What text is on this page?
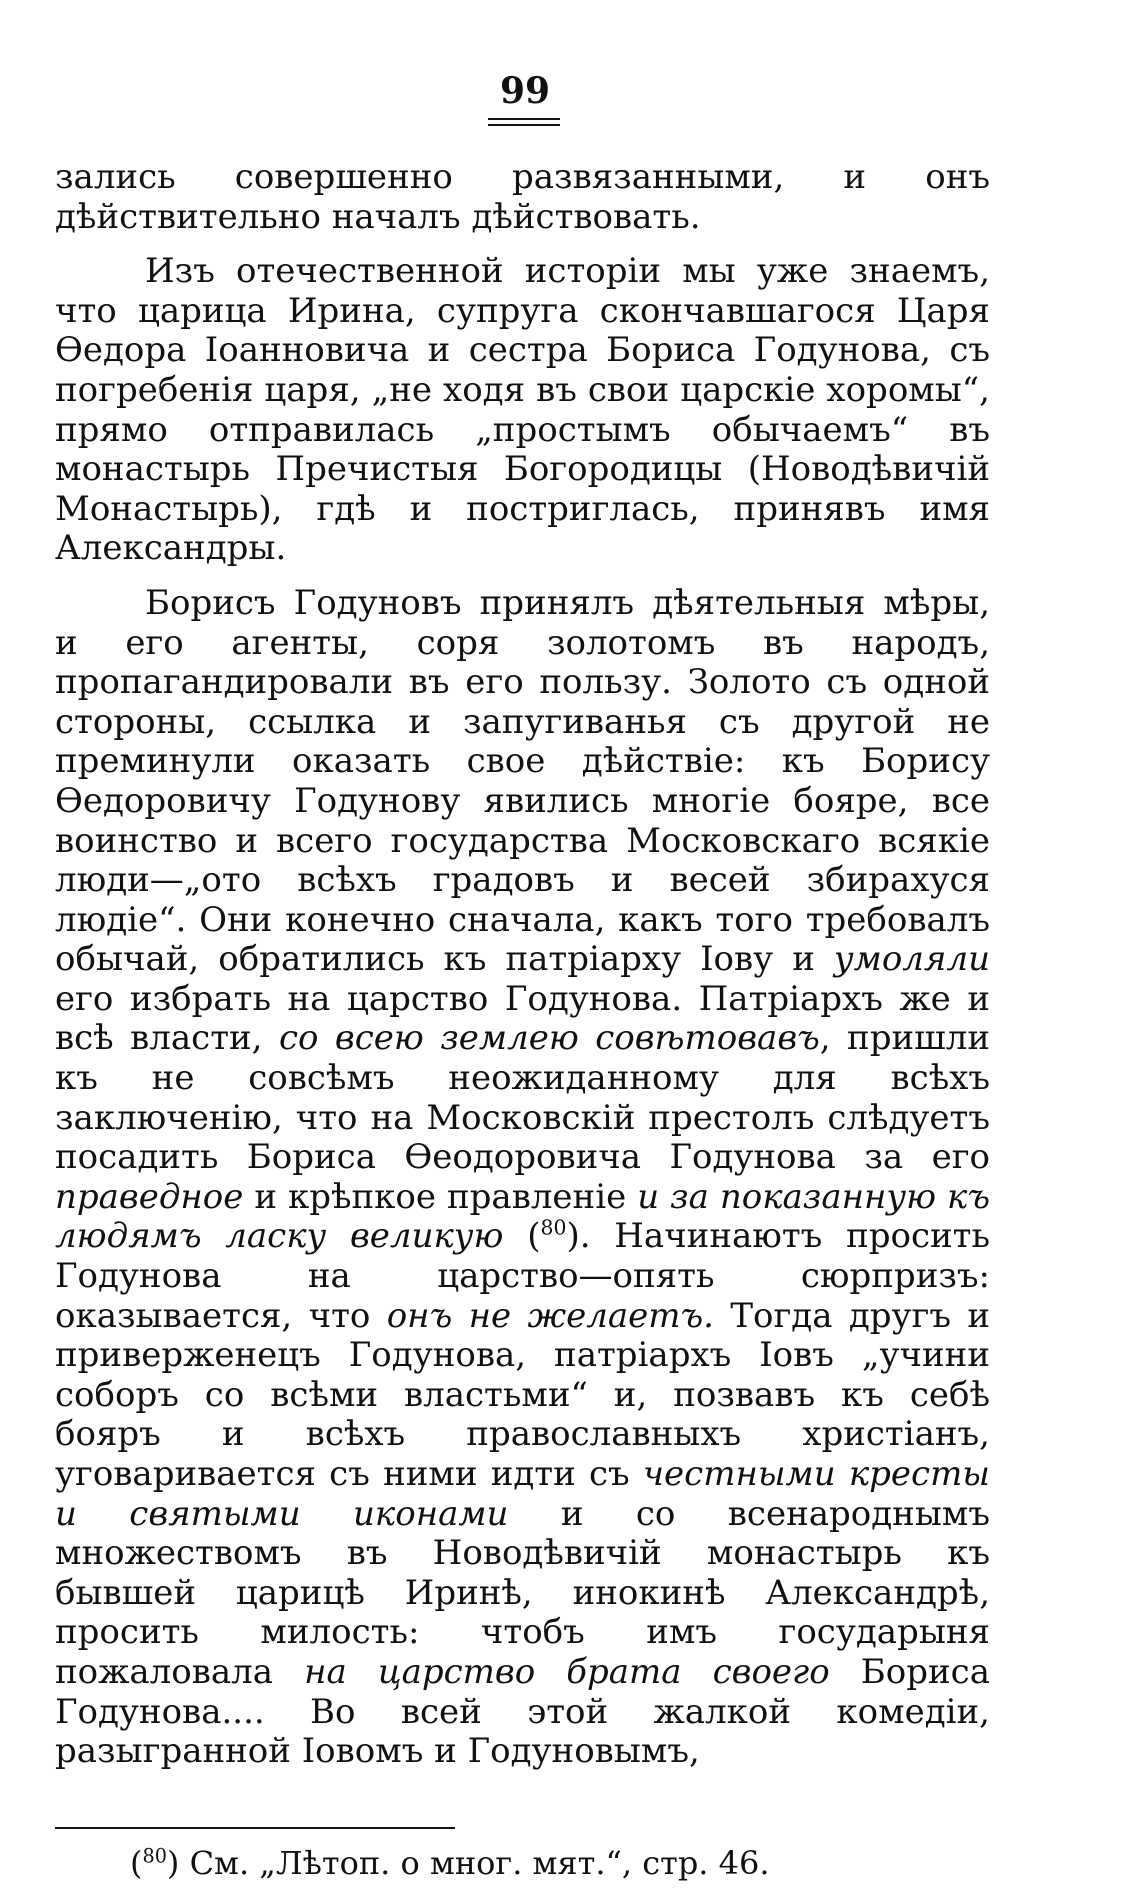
99

зались совершенно развязанными, и онъ дѣйствительно началъ дѣйствовать.

Изъ отечественной исторіи мы уже знаемъ, что царица Ирина, супруга скончавшагося Царя Ѳедора Іоанновича и сестра Бориса Годунова, съ погребенія царя, „не ходя въ свои царскіе хоромы“, прямо отправилась „простымъ обычаемъ“ въ монастырь Пречистыя Богородицы (Новодѣвичій Монастырь), гдѣ и постриглась, принявъ имя Александры.

Борисъ Годуновъ принялъ дѣятельныя мѣры, и его агенты, соря золотомъ въ народъ, пропагандировали въ его пользу. Золото съ одной стороны, ссылка и запугиванья съ другой не преминули оказать свое дѣйствіе: къ Борису Ѳедоровичу Годунову явились многіе бояре, все воинство и всего государства Московскаго всякіе люди—„ото всѣхъ градовъ и весей збирахуся людіе“. Они конечно сначала, какъ того требовалъ обычай, обратились къ патріарху Іову и умоляли его избрать на царство Годунова. Патріархъ же и всѣ власти, со всею землею совѣтовавъ, пришли къ не совсѣмъ неожиданному для всѣхъ заключенію, что на Московскій престолъ слѣдуетъ посадить Бориса Ѳеодоровича Годунова за его праведное и крѣпкое правленіе и за показанную къ людямъ ласку великую ($^{80}$). Начинаютъ просить Годунова на царство—опять сюрпризъ: оказывается, что онъ не желаетъ. Тогда другъ и приверженецъ Годунова, патріархъ Іовъ „учини соборъ со всѣми властьми“ и, позвавъ къ себѣ бояръ и всѣхъ православныхъ христіанъ, уговаривается съ ними идти съ честными кресты и святыми иконами и со всенароднымъ множествомъ въ Новодѣвичій монастырь къ бывшей царицѣ Иринѣ, инокинѣ Александрѣ, просить милость: чтобъ имъ государыня пожаловала на царство брата своего Бориса Годунова.... Во всей этой жалкой комедіи, разыгранной Іовомъ и Годуновымъ,

($^{80}$) См. „Лѣтоп. о мног. мят.“, стр. 46.
